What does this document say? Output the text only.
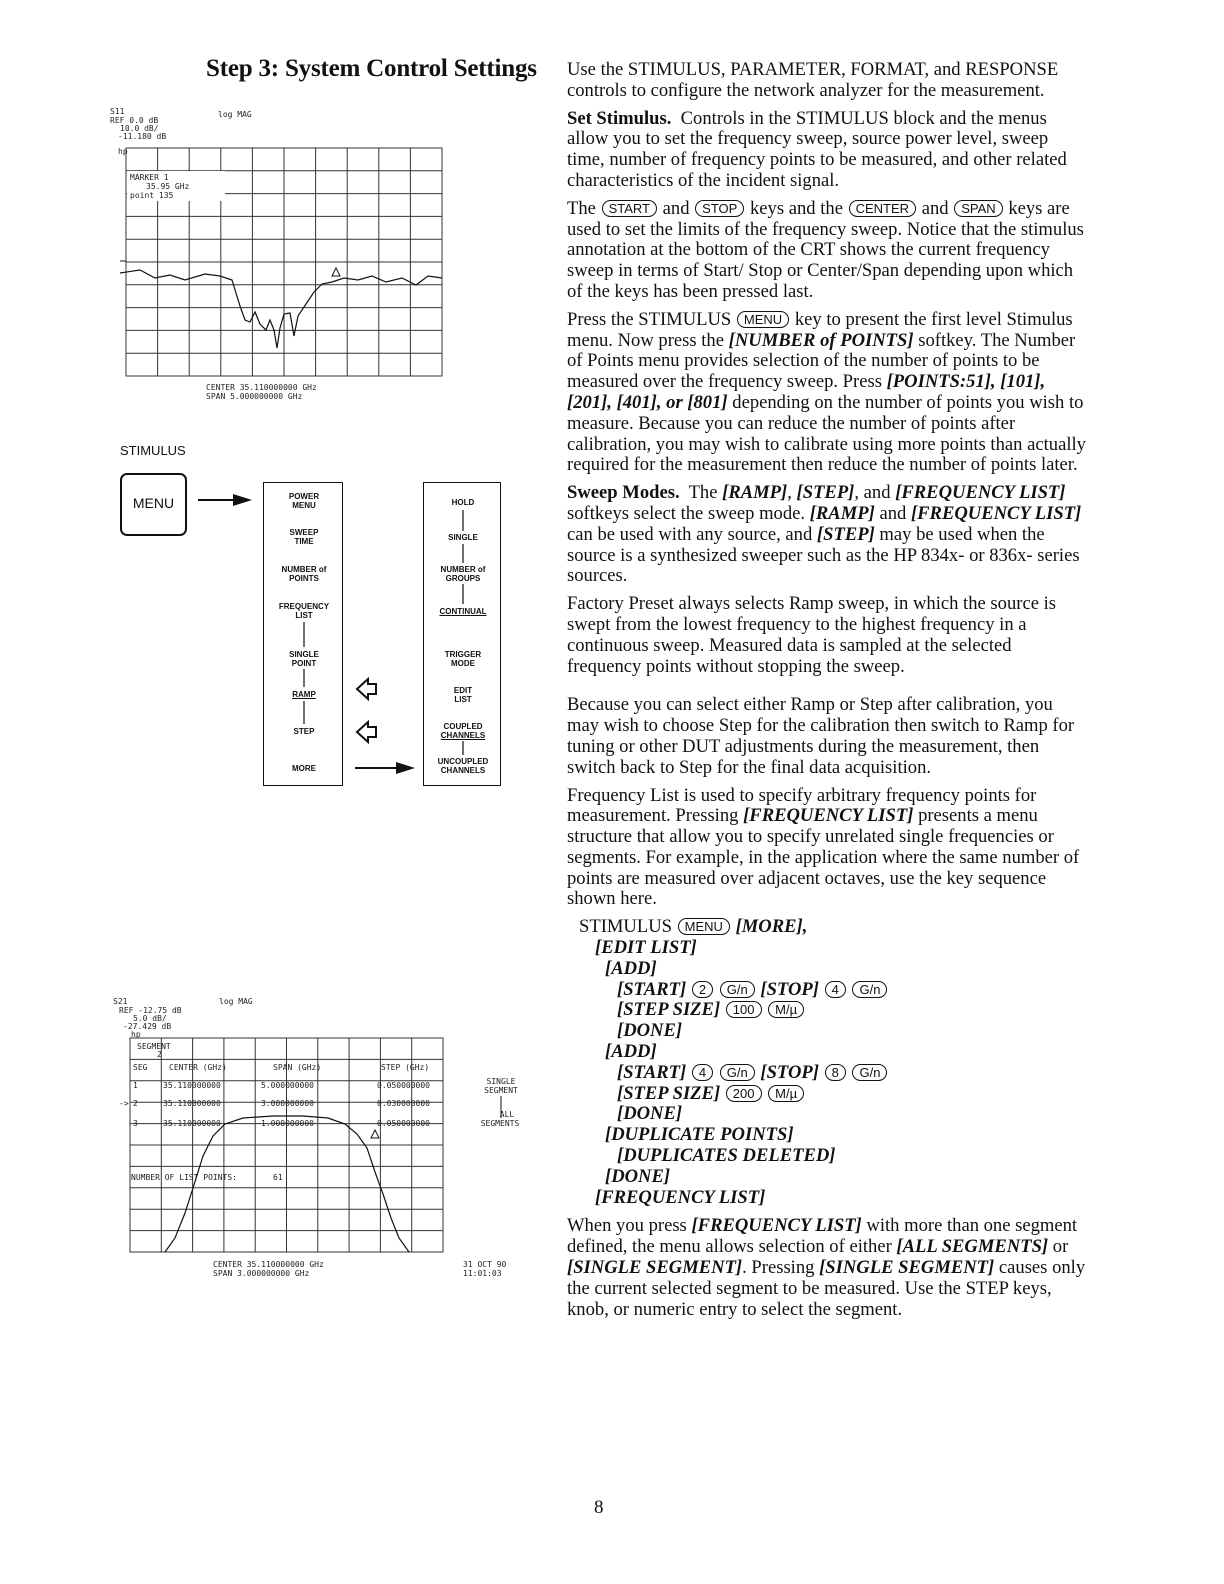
Step 3: System Control Settings
S11	log MAG
REF 0.0 dB
10.0 dB/
-11.180 dB
hp
MARKER 1
35.95 GHz
point 135
CENTER 35.110000000 GHz
SPAN 5.000000000 GHz
STIMULUS
MENU	POWER
MENU
SWEEP
TIME
NUMBER of
POINTS
FREQUENCY
LIST
SINGLE
POINT
RAMP
STEP
MORE
HOLD
SINGLE
NUMBER of
GROUPS
CONTINUAL
TRIGGER
MODE
EDIT
LIST
COUPLED
CHANNELS
UNCOUPLED
CHANNELS
S21	log MAG
REF -12.75 dB
5.0 dB/
-27.429 dB
hp
SEGMENT
2
SEG	CENTER (GHz)	SPAN (GHz)	STEP (GHz)
1	35.110000000	5.000000000	0.050000000
-> 2	35.110000000	3.000000000	0.030000000
3	35.110000000	1.000000000	0.050000000
NUMBER OF LIST POINTS:	61
CENTER 35.110000000 GHz
SPAN 3.000000000 GHz
SINGLE
SEGMENT
ALL
SEGMENTS
31 OCT 90
11:01:03

Use the STIMULUS, PARAMETER, FORMAT, and RESPONSE controls to configure the network analyzer for the measurement.

Set Stimulus. Controls in the STIMULUS block and the menus allow you to set the frequency sweep, source power level, sweep time, number of frequency points to be measured, and other related characteristics of the incident signal.

The START and STOP keys and the CENTER and SPAN keys are used to set the limits of the frequency sweep. Notice that the stimulus annotation at the bottom of the CRT shows the current frequency sweep in terms of Start/ Stop or Center/Span depending upon which of the keys has been pressed last.

Press the STIMULUS MENU key to present the first level Stimulus menu. Now press the [NUMBER of POINTS] softkey. The Number of Points menu provides selection of the number of points to be measured over the frequency sweep. Press [POINTS:51], [101], [201], [401], or [801] depending on the number of points you wish to measure. Because you can reduce the number of points after calibration, you may wish to calibrate using more points than actually required for the measurement then reduce the number of points later.

Sweep Modes. The [RAMP], [STEP], and [FREQUENCY LIST] softkeys select the sweep mode. [RAMP] and [FREQUENCY LIST] can be used with any source, and [STEP] may be used when the source is a synthesized sweeper such as the HP 834x- or 836x- series sources.

Factory Preset always selects Ramp sweep, in which the source is swept from the lowest frequency to the highest frequency in a continuous sweep. Measured data is sampled at the selected frequency points without stopping the sweep.

Because you can select either Ramp or Step after calibration, you may wish to choose Step for the calibration then switch to Ramp for tuning or other DUT adjustments during the measurement, then switch back to Step for the final data acquisition.

Frequency List is used to specify arbitrary frequency points for measurement. Pressing [FREQUENCY LIST] presents a menu structure that allow you to specify unrelated single frequencies or segments. For example, in the application where the same number of points are measured over adjacent octaves, use the key sequence shown here.

STIMULUS MENU [MORE],
[EDIT LIST]
[ADD]
[START] 2 G/n [STOP] 4 G/n
[STEP SIZE] 100 M/µ
[DONE]
[ADD]
[START] 4 G/n [STOP] 8 G/n
[STEP SIZE] 200 M/µ
[DONE]
[DUPLICATE POINTS]
[DUPLICATES DELETED]
[DONE]
[FREQUENCY LIST]

When you press [FREQUENCY LIST] with more than one segment defined, the menu allows selection of either [ALL SEGMENTS] or [SINGLE SEGMENT]. Pressing [SINGLE SEGMENT] causes only the current selected segment to be measured. Use the STEP keys, knob, or numeric entry to select the segment.

8
